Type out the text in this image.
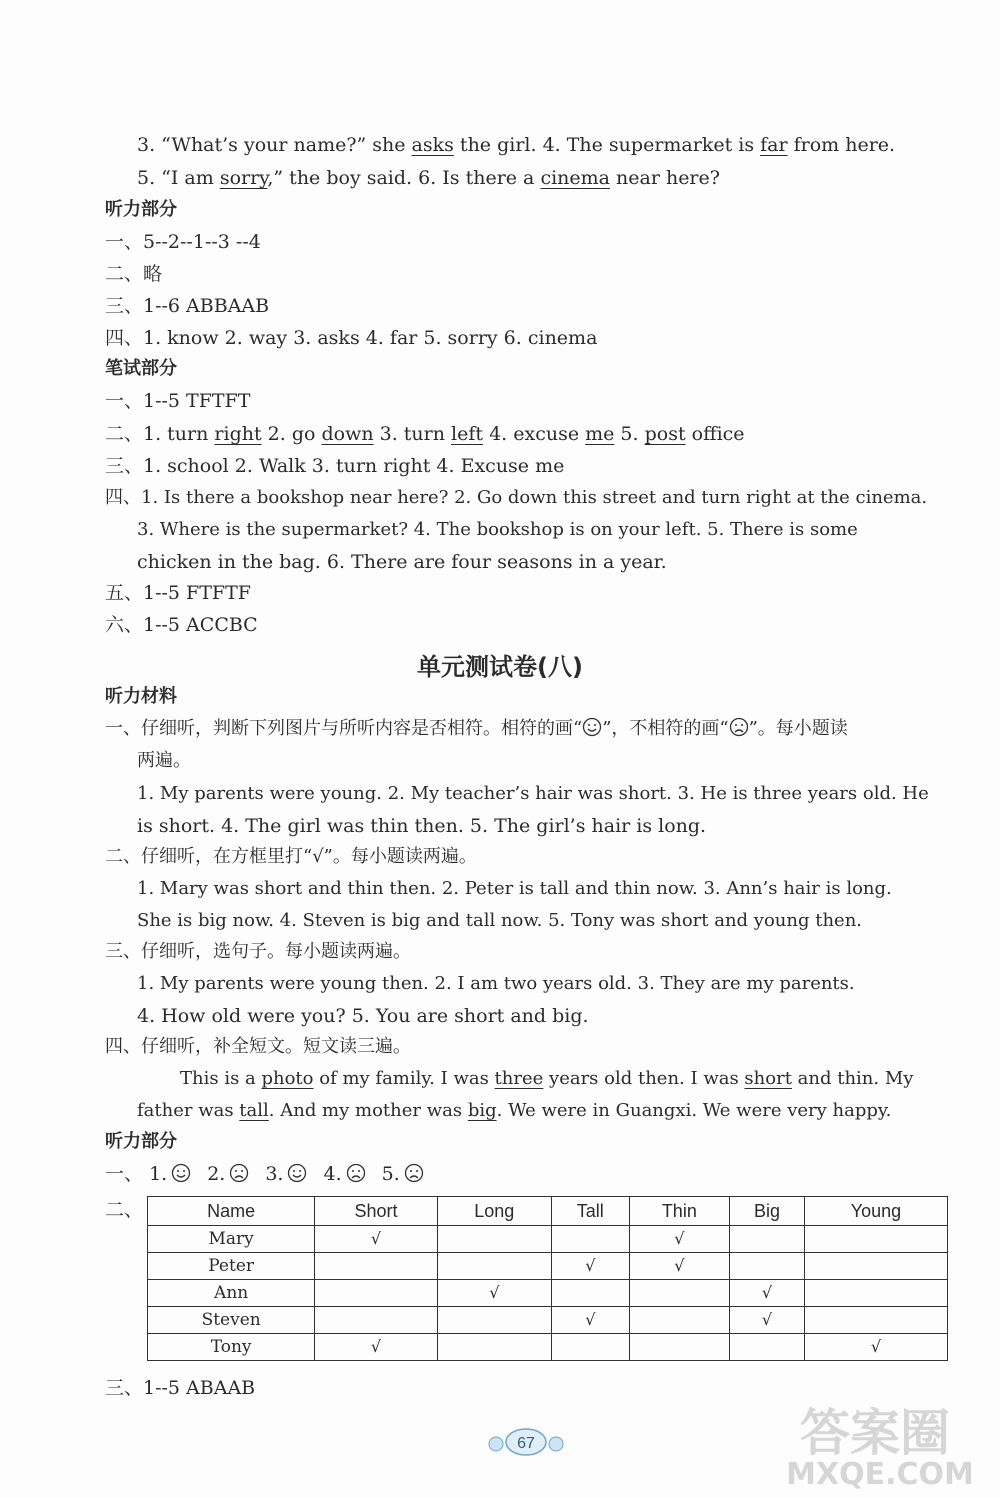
3. “What’s your name?” she asks the girl. 4. The supermarket is far from here.
5. “I am sorry,” the boy said. 6. Is there a cinema near here?
听力部分
一、5--2--1--3 --4
二、略
三、1--6 ABBAAB
四、1. know 2. way 3. asks 4. far 5. sorry 6. cinema
笔试部分
一、1--5 TFTFT
二、1. turn right 2. go down 3. turn left 4. excuse me 5. post office
三、1. school 2. Walk 3. turn right 4. Excuse me
四、1. Is there a bookshop near here? 2. Go down this street and turn right at the cinema.
3. Where is the supermarket? 4. The bookshop is on your left. 5. There is some
chicken in the bag. 6. There are four seasons in a year.
五、1--5 FTFTF
六、1--5 ACCBC
单元测试卷(八)
听力材料
一、仔细听，判断下列图片与所听内容是否相符。相符的画“ ”，不相符的画“ ”。每小题读
两遍。
1. My parents were young. 2. My teacher’s hair was short. 3. He is three years old. He
is short. 4. The girl was thin then. 5. The girl’s hair is long.
二、仔细听，在方框里打“√”。每小题读两遍。
1. Mary was short and thin then. 2. Peter is tall and thin now. 3. Ann’s hair is long.
She is big now. 4. Steven is big and tall now. 5. Tony was short and young then.
三、仔细听，选句子。每小题读两遍。
1. My parents were young then. 2. I am two years old. 3. They are my parents.
4. How old were you? 5. You are short and big.
四、仔细听，补全短文。短文读三遍。
This is a photo of my family. I was three years old then. I was short and thin. My
father was tall. And my mother was big. We were in Guangxi. We were very happy.
听力部分
一、 1. 2. 3. 4. 5.
二、	Name	Short	Long	Tall	Thin	Big	Young
Mary	√			√		
Peter			√	√		
Ann		√			√	
Steven			√		√	
Tony	√					√
三、1--5 ABAAB
67	答案圈
MXQE.COM
